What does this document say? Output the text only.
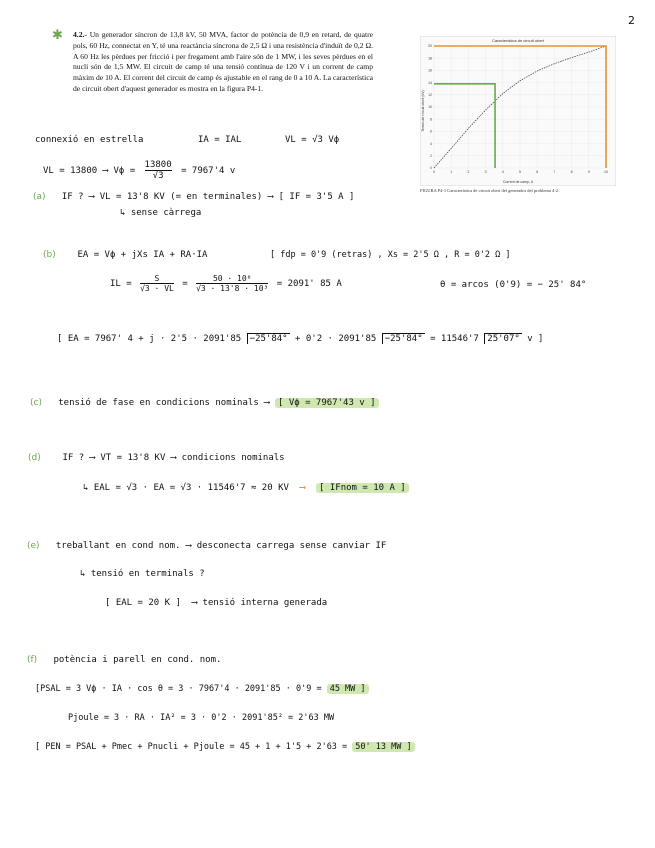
2
✱ 4.2.- Un generador síncron de 13,8 kV, 50 MVA, factor de potència de 0,9 en retard, de quatre pols, 60 Hz, connectat en Y, té una reactància síncrona de 2,5 Ω i una resistència d'induït de 0,2 Ω. A 60 Hz les pèrdues per fricció i per fregament amb l'aire són de 1 MW, i les seves pèrdues en el nucli són de 1,5 MW. El circuit de camp té una tensió contínua de 120 V i un corrent de camp màxim de 10 A. El corrent del circuit de camp és ajustable en el rang de 0 a 10 A. La característica de circuit obert d'aquest generador es mostra en la figura P4-1.
Característica de circuit obert
0	1	2	3	4	5	6	7	8	9	10
0
2
4
6
8
10
12
14
16
18
20
Corrent de camp, A
Tensió de circuit obert (kV)
FIGURA P4-1 Característica de circuit obert del generador del problema 4-2.
connexió en estrella	IA = IAL	VL = √3 Vϕ
VL = 13800 ⟶ $V\phi = \frac{13800}{√3} = 7967'4$ v
(a) IF ? ⟶ VL = 13'8 KV (= en terminales) ⟶ [ IF = 3'5 A ]
↳ sense càrrega
(b) EA = Vϕ + jXs IA + RA·IA	[ fdp = 0'9 (retras) , Xs = 2'5 Ω , R = 0'2 Ω ]
IL = $\frac{S}{√3 \cdot VL} = \frac{\text{50 · 10⁶}}{\text{√3 · 13'8 · 10³}} = 2091'$ 85 A	θ = arcos (0'9) = − 25' 84°
[ EA = 7967' 4 + j · 2'5 · 2091'85 −25'84° + 0'2 · 2091'85 −25'84° = 11546'7 25'07° v ]
(c) tensió de fase en condicions nominals ⟶ [ Vϕ = 7967'43 v ]
(d) IF ? ⟶ VT = 13'8 KV ⟶ condicions nominals
↳ EAL = √3 · EA = √3 · 11546'7 ≈ 20 KV ⟶ [ IFnom = 10 A ]
(e) treballant en cond nom. ⟶ desconecta carrega sense canviar IF
↳ tensió en terminals ?
[ EAL = 20 K ] ⟶ tensió interna generada
(f) potència i parell en cond. nom.
[PSAL = 3 Vϕ · IA · cos θ = 3 · 7967'4 · 2091'85 · 0'9 = 45 MW ]
Pjoule = 3 · RA · IA² = 3 · 0'2 · 2091'85² = 2'63 MW
[ PEN = PSAL + Pmec + Pnucli + Pjoule = 45 + 1 + 1'5 + 2'63 = 50' 13 MW ]
